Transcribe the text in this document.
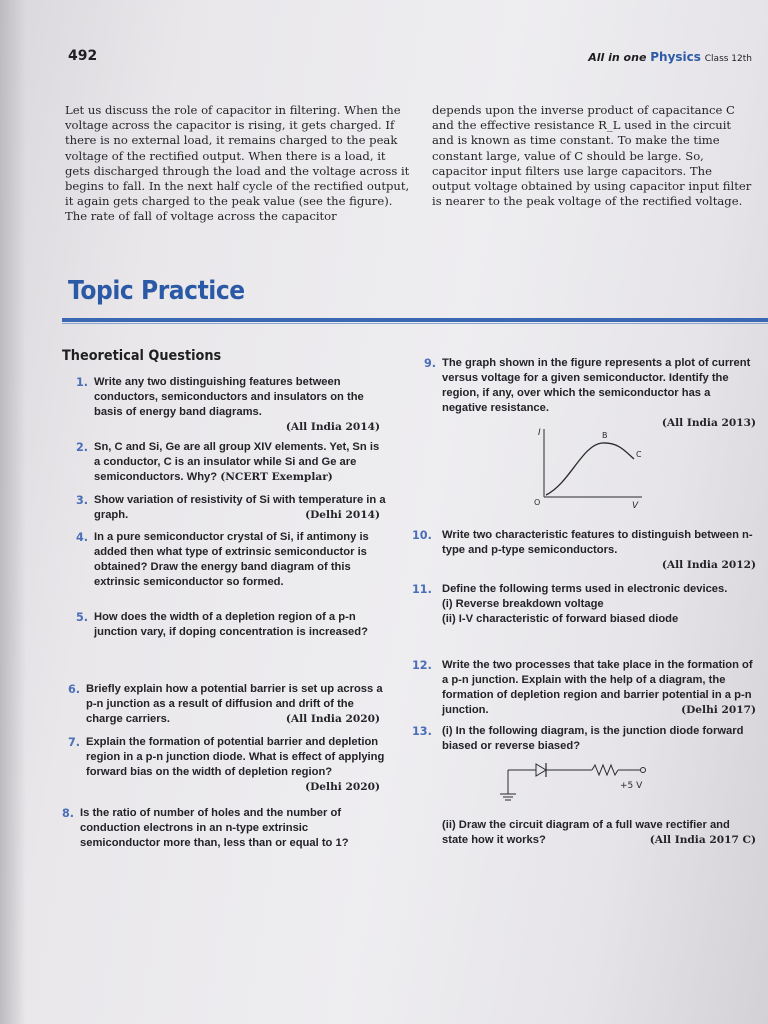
492	All in one Physics Class 12th

Let us discuss the role of capacitor in filtering. When the voltage across the capacitor is rising, it gets charged. If there is no external load, it remains charged to the peak voltage of the rectified output. When there is a load, it gets discharged through the load and the voltage across it begins to fall. In the next half cycle of the rectified output, it again gets charged to the peak value (see the figure). The rate of fall of voltage across the capacitor

depends upon the inverse product of capacitance C and the effective resistance R_L used in the circuit and is known as time constant. To make the time constant large, value of C should be large. So, capacitor input filters use large capacitors. The output voltage obtained by using capacitor input filter is nearer to the peak voltage of the rectified voltage.

Topic Practice
Theoretical Questions
1. Write any two distinguishing features between conductors, semiconductors and insulators on the basis of energy band diagrams.
(All India 2014)
2. Sn, C and Si, Ge are all group XIV elements. Yet, Sn is a conductor, C is an insulator while Si and Ge are semiconductors. Why? (NCERT Exemplar)
3. Show variation of resistivity of Si with temperature in a graph.	(Delhi 2014)
4. In a pure semiconductor crystal of Si, if antimony is added then what type of extrinsic semiconductor is obtained? Draw the energy band diagram of this extrinsic semiconductor so formed.
5. How does the width of a depletion region of a p-n junction vary, if doping concentration is increased?
6. Briefly explain how a potential barrier is set up across a p-n junction as a result of diffusion and drift of the charge carriers.	(All India 2020)
7. Explain the formation of potential barrier and depletion region in a p-n junction diode. What is effect of applying forward bias on the width of depletion region?
(Delhi 2020)
8. Is the ratio of number of holes and the number of conduction electrons in an n-type extrinsic semiconductor more than, less than or equal to 1?
9. The graph shown in the figure represents a plot of current versus voltage for a given semiconductor. Identify the region, if any, over which the semiconductor has a negative resistance.
(All India 2013)
I
V
O
B
C
10. Write two characteristic features to distinguish between n-type and p-type semiconductors.
(All India 2012)
11. Define the following terms used in electronic devices.
(i) Reverse breakdown voltage
(ii) I-V characteristic of forward biased diode
12. Write the two processes that take place in the formation of a p-n junction. Explain with the help of a diagram, the formation of depletion region and barrier potential in a p-n junction.	(Delhi 2017)
13. (i) In the following diagram, is the junction diode forward biased or reverse biased?
+5 V
(ii) Draw the circuit diagram of a full wave rectifier and state how it works?	(All India 2017 C)
